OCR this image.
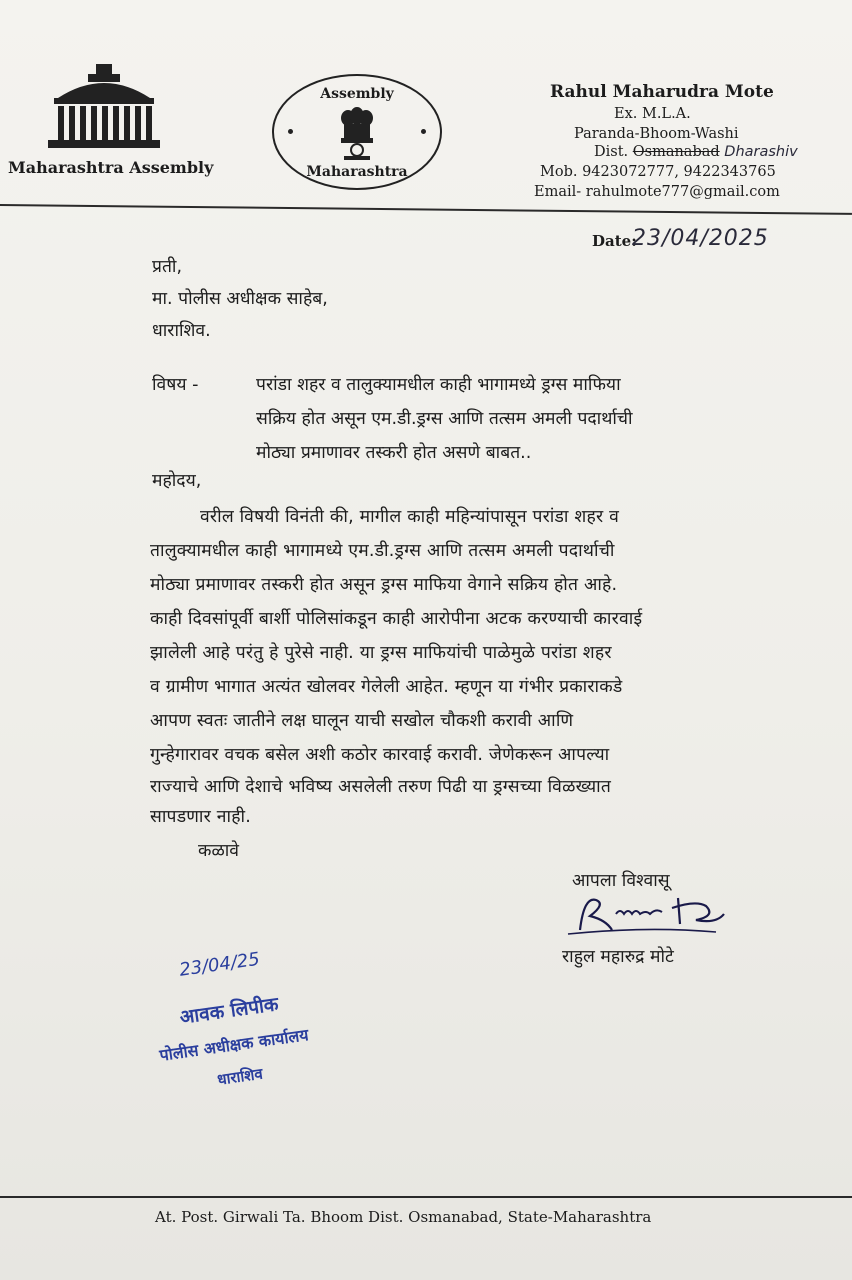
Maharashtra Assembly
Assembly
Maharashtra
Rahul Maharudra Mote
Ex. M.L.A.
Paranda-Bhoom-Washi
Dist. Osmanabad Dharashiv
Mob. 9423072777, 9422343765
Email- rahulmote777@gmail.com
Date:
23/04/2025
प्रती,
मा. पोलीस अधीक्षक साहेब,
धाराशिव.
विषय -	परांडा शहर व तालुक्यामधील काही भागामध्ये ड्रग्स माफिया
सक्रिय होत असून एम.डी.ड्रग्स आणि तत्सम अमली पदार्थाची
मोठ्या प्रमाणावर तस्करी होत असणे बाबत..
महोदय,
वरील विषयी विनंती की, मागील काही महिन्यांपासून परांडा शहर व
तालुक्यामधील काही भागामध्ये एम.डी.ड्रग्स आणि तत्सम अमली पदार्थाची
मोठ्या प्रमाणावर तस्करी होत असून ड्रग्स माफिया वेगाने सक्रिय होत आहे.
काही दिवसांपूर्वी बार्शी पोलिसांकडून काही आरोपीना अटक करण्याची कारवाई
झालेली आहे परंतु हे पुरेसे नाही. या ड्रग्स माफियांची पाळेमुळे परांडा शहर
व ग्रामीण भागात अत्यंत खोलवर गेलेली आहेत. म्हणून या गंभीर प्रकाराकडे
आपण स्वतः जातीने लक्ष घालून याची सखोल चौकशी करावी आणि
गुन्हेगारावर वचक बसेल अशी कठोर कारवाई करावी. जेणेकरून आपल्या
राज्याचे आणि देशाचे भविष्य असलेली तरुण पिढी या ड्रग्सच्या विळख्यात
सापडणार नाही.
कळावे
आपला विश्वासू
राहुल महारुद्र मोटे
23/04/25
आवक लिपीक
पोलीस अधीक्षक कार्यालय
धाराशिव
At. Post. Girwali Ta. Bhoom Dist. Osmanabad, State-Maharashtra
